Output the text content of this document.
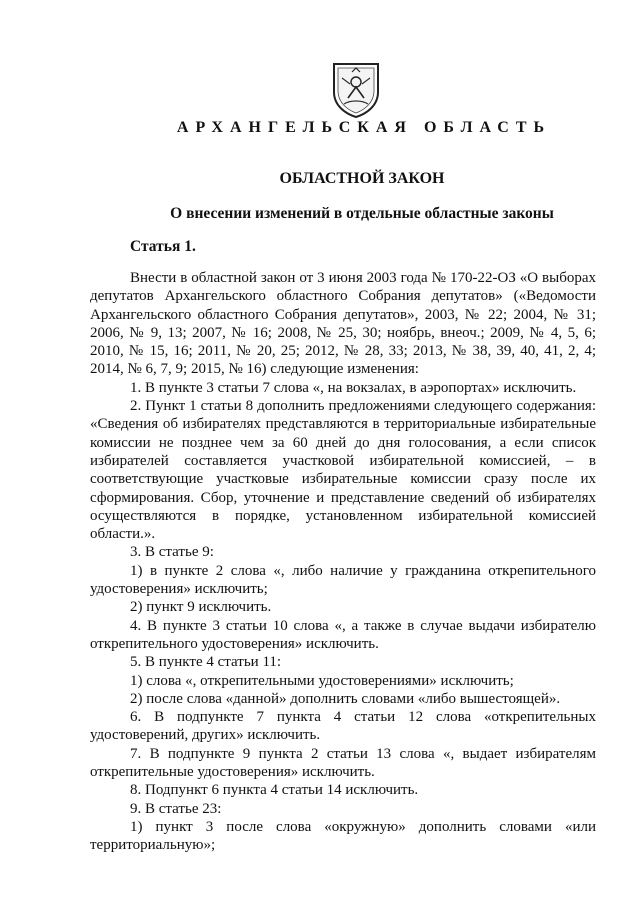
АРХАНГЕЛЬСКАЯ ОБЛАСТЬ
ОБЛАСТНОЙ ЗАКОН
О внесении изменений в отдельные областные законы
Статья 1.

Внести в областной закон от 3 июня 2003 года № 170-22-ОЗ «О выборах депутатов Архангельского областного Собрания депутатов» («Ведомости Архангельского областного Собрания депутатов», 2003, № 22; 2004, № 31; 2006, № 9, 13; 2007, № 16; 2008, № 25, 30; ноябрь, внеоч.; 2009, № 4, 5, 6; 2010, № 15, 16; 2011, № 20, 25; 2012, № 28, 33; 2013, № 38, 39, 40, 41, 2, 4; 2014, № 6, 7, 9; 2015, № 16) следующие изменения:

1. В пункте 3 статьи 7 слова «, на вокзалах, в аэропортах» исключить.

2. Пункт 1 статьи 8 дополнить предложениями следующего содержания: «Сведения об избирателях представляются в территориальные избирательные комиссии не позднее чем за 60 дней до дня голосования, а если список избирателей составляется участковой избирательной комиссией, – в соответствующие участковые избирательные комиссии сразу после их сформирования. Сбор, уточнение и представление сведений об избирателях осуществляются в порядке, установленном избирательной комиссией области.».

3. В статье 9:

1) в пункте 2 слова «, либо наличие у гражданина открепительного удостоверения» исключить;

2) пункт 9 исключить.

4. В пункте 3 статьи 10 слова «, а также в случае выдачи избирателю открепительного удостоверения» исключить.

5. В пункте 4 статьи 11:

1) слова «, открепительными удостоверениями» исключить;

2) после слова «данной» дополнить словами «либо вышестоящей».

6. В подпункте 7 пункта 4 статьи 12 слова «открепительных удостоверений, других» исключить.

7. В подпункте 9 пункта 2 статьи 13 слова «, выдает избирателям открепительные удостоверения» исключить.

8. Подпункт 6 пункта 4 статьи 14 исключить.

9. В статье 23:

1) пункт 3 после слова «окружную» дополнить словами «или территориальную»;
